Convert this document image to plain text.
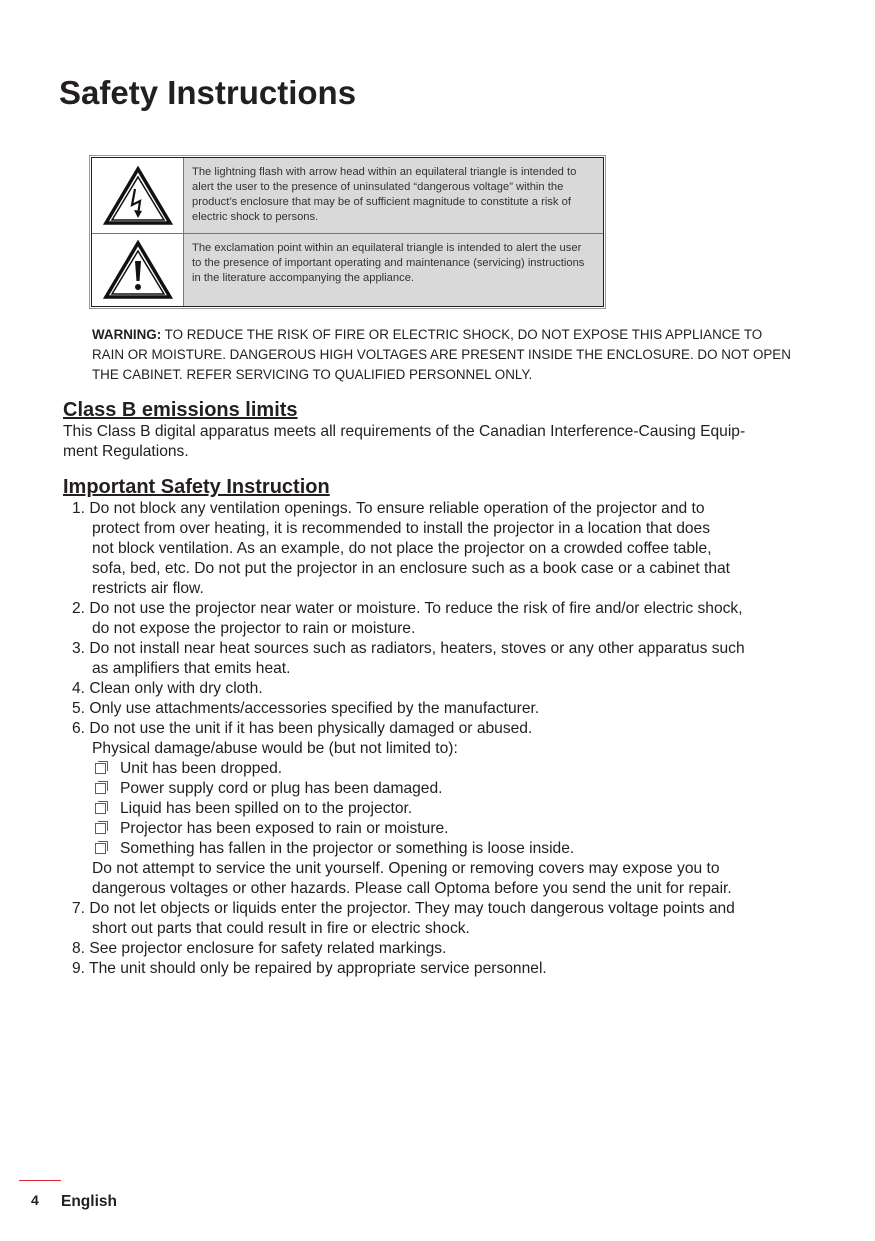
Safety Instructions
The lightning flash with arrow head within an equilateral triangle is intended to alert the user to the presence of uninsulated “dangerous voltage” within the product’s enclosure that may be of sufficient magnitude to constitute a risk of electric shock to persons.
The exclamation point within an equilateral triangle is intended to alert the user to the presence of important operating and maintenance (servicing) instructions in the literature accompanying the appliance.

WARNING: TO REDUCE THE RISK OF FIRE OR ELECTRIC SHOCK, DO NOT EXPOSE THIS APPLIANCE TO RAIN OR MOISTURE. DANGEROUS HIGH VOLTAGES ARE PRESENT INSIDE THE ENCLOSURE. DO NOT OPEN THE CABINET. REFER SERVICING TO QUALIFIED PERSONNEL ONLY.

Class B emissions limits

This Class B digital apparatus meets all requirements of the Canadian Interference-Causing Equip-
ment Regulations.

Important Safety Instruction
1. Do not block any ventilation openings. To ensure reliable operation of the projector and to
protect from over heating, it is recommended to install the projector in a location that does
not block ventilation. As an example, do not place the projector on a crowded coffee table,
sofa, bed, etc. Do not put the projector in an enclosure such as a book case or a cabinet that
restricts air flow.
2. Do not use the projector near water or moisture. To reduce the risk of fire and/or electric shock,
do not expose the projector to rain or moisture.
3. Do not install near heat sources such as radiators, heaters, stoves or any other apparatus such
as amplifiers that emits heat.
4. Clean only with dry cloth.
5. Only use attachments/accessories specified by the manufacturer.
6. Do not use the unit if it has been physically damaged or abused.
Physical damage/abuse would be (but not limited to):
Unit has been dropped.
Power supply cord or plug has been damaged.
Liquid has been spilled on to the projector.
Projector has been exposed to rain or moisture.
Something has fallen in the projector or something is loose inside.
Do not attempt to service the unit yourself. Opening or removing covers may expose you to
dangerous voltages or other hazards. Please call Optoma before you send the unit for repair.
7. Do not let objects or liquids enter the projector. They may touch dangerous voltage points and
short out parts that could result in fire or electric shock.
8. See projector enclosure for safety related markings.
9. The unit should only be repaired by appropriate service personnel.
4 English
